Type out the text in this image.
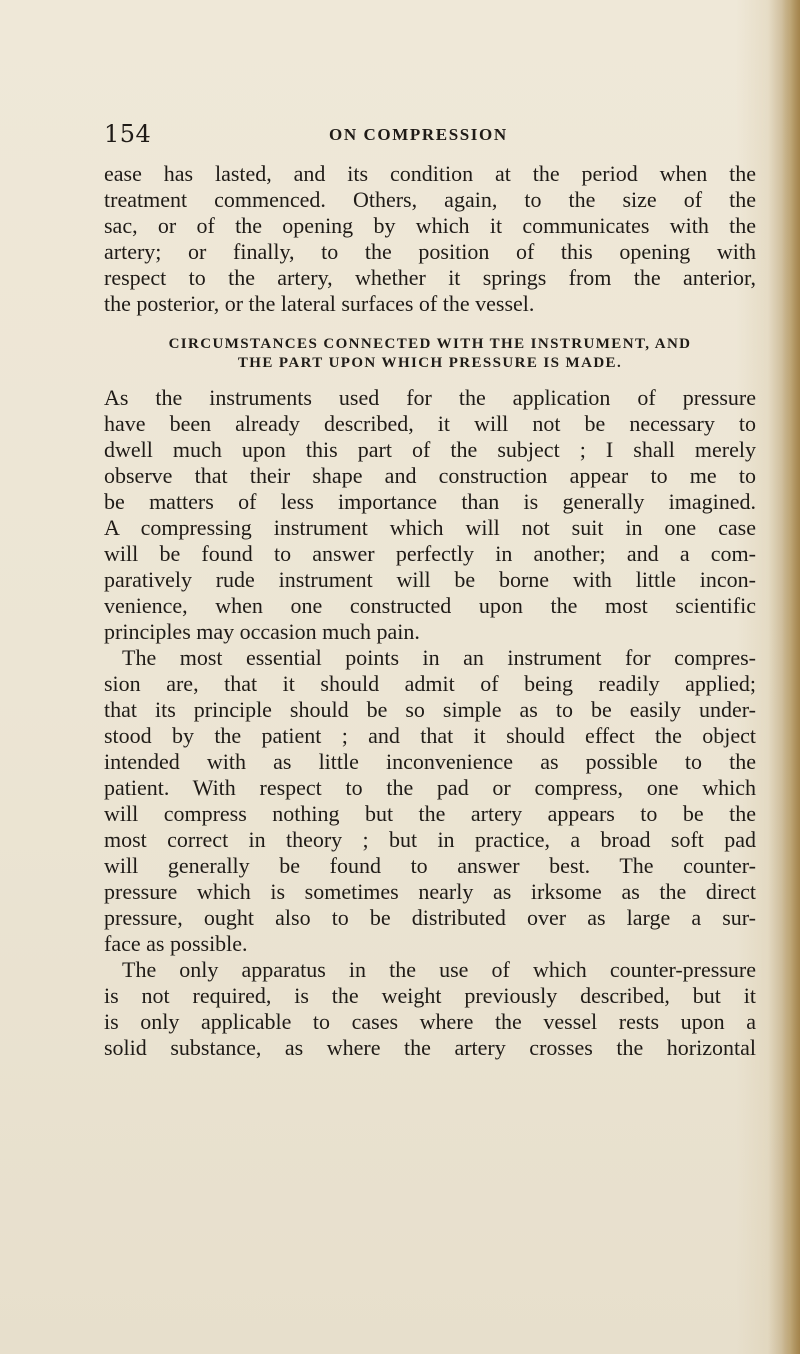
154	ON COMPRESSION

ease has lasted, and its condition at the period when the
treatment commenced. Others, again, to the size of the
sac, or of the opening by which it communicates with the
artery; or finally, to the position of this opening with
respect to the artery, whether it springs from the anterior,
the posterior, or the lateral surfaces of the vessel.

CIRCUMSTANCES CONNECTED WITH THE INSTRUMENT, AND
THE PART UPON WHICH PRESSURE IS MADE.

As the instruments used for the application of pressure
have been already described, it will not be necessary to
dwell much upon this part of the subject ; I shall merely
observe that their shape and construction appear to me to
be matters of less importance than is generally imagined.
A compressing instrument which will not suit in one case
will be found to answer perfectly in another; and a com-
paratively rude instrument will be borne with little incon-
venience, when one constructed upon the most scientific
principles may occasion much pain.

The most essential points in an instrument for compres-
sion are, that it should admit of being readily applied;
that its principle should be so simple as to be easily under-
stood by the patient ; and that it should effect the object
intended with as little inconvenience as possible to the
patient. With respect to the pad or compress, one which
will compress nothing but the artery appears to be the
most correct in theory ; but in practice, a broad soft pad
will generally be found to answer best. The counter-
pressure which is sometimes nearly as irksome as the direct
pressure, ought also to be distributed over as large a sur-
face as possible.

The only apparatus in the use of which counter-pressure
is not required, is the weight previously described, but it
is only applicable to cases where the vessel rests upon a
solid substance, as where the artery crosses the horizontal
